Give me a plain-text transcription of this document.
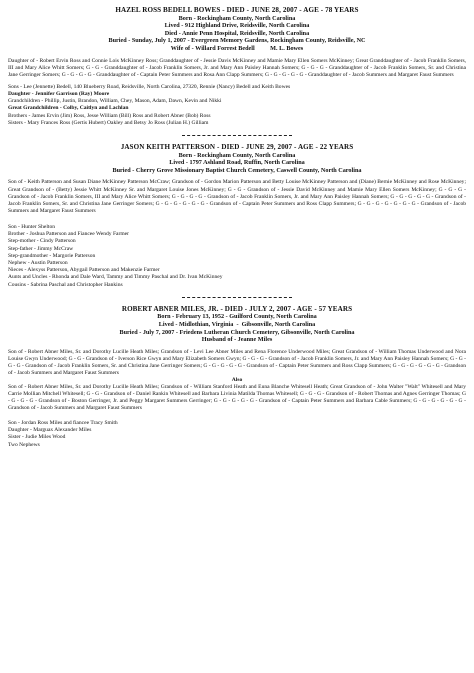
HAZEL ROSS BEDELL BOWES - DIED - JUNE 28, 2007 - AGE - 78 YEARS
Born - Rockingham County, North Carolina
Lived - 912 Highland Drive, Reidsville, North Carolina
Died - Annie Penn Hospital, Reidsville, North Carolina
Buried - Sunday, July 1, 2007 - Evergreen Memory Gardens, Rockingham County, Reidsville, NC
Wife of - Willard Forrest Bedell          M. L. Bowes

Daughter of - Robert Ervin Ross and Connie Lois McKinney Ross; Granddaughter of - Jessie Davis McKinney and Mamie Mary Ellen Somers McKinney; Great Granddaughter of - Jacob Franklin Somers, III and Mary Alice Whitt Somers; G - G - Granddaughter of - Jacob Franklin Somers, Jr. and Mary Ann Paisley Hannah Somers; G - G - G - Granddaughter of - Jacob Franklin Somers, Sr. and Christina Jane Gerringer Somers; G - G - G - G - Granddaughter of - Captain Peter Summers and Rosa Ann Clapp Summers; G - G - G - G - G - Granddaughter of - Jacob Summers and Margaret Faust Summers

Sons - Lee (Jennette) Bedell, 140 Blueberry Road, Reidsville, North Carolina, 27320, Rennie (Nancy) Bedell and Keith Bowes

Daughter - Jennifer Garrison (Ray) Moore

Grandchildren - Phillip, Justin, Brandon, William, Chey, Mason, Adam, Dawn, Kevin and Nikki

Great Grandchildren - Colby, Caitlyn and Lachlan

Brothers - James Ervin (Jim) Ross, Jesse William (Bill) Ross and Robert Abner (Bob) Ross

Sisters - Mary Frances Ross (Gertis Hubert) Oakley and Betsy Jo Ross (Julian H.) Gilliam

JASON KEITH PATTERSON - DIED - JUNE 29, 2007 - AGE - 22 YEARS
Born - Rockingham County, North Carolina
Lived - 1797 Ashland Road, Ruffin, North Carolina
Buried - Cherry Grove Missionary Baptist Church Cemetery, Caswell County, North Carolina

Son of - Keith Patterson and Susan Diane McKinney Patterson McCraw; Grandson of - Gordon Marion Patterson and Betty Louise McKinney Patterson and (Diane) Bernie McKinney and Rose McKinney; Great Grandson of - (Betty) Jessie Whitt McKinney Sr. and Margaret Louise Jones McKinney; G - G - Grandson of - Jessie David McKinney and Mamie Mary Ellen Somers McKinney; G - G - G - Grandson of - Jacob Franklin Somers, III and Mary Alice Whitt Somers; G - G - G - G - Grandson of - Jacob Franklin Somers, Jr. and Mary Ann Paisley Hannah Somers; G - G - G - G - G - Grandson of - Jacob Franklin Somers, Sr. and Christina Jane Gerringer Somers; G - G - G - G - G - G - Grandson of - Captain Peter Summers and Ross Clapp Summers; G - G - G - G - G - G - G - Grandson of - Jacob Summers and Margaret Faust Summers

Son - Hunter Shelton

Brother - Joshua Patterson and Fiancee Wendy Farmer

Step-mother - Cindy Patterson

Step-father - Jimmy McCraw

Step-grandmother - Margorie Patterson

Nephew - Austin Patterson

Nieces - Alexyss Patterson, Abygail Patterson and Makenzie Farmer

Aunts and Uncles - Rhonda and Dale Ward, Tammy and Timmy Paschal and Dr. Ivan McKinney

Cousins - Sabrina Paschal and Christopher Hankins

ROBERT ABNER MILES, JR. - DIED - JULY 2, 2007 - AGE - 57 YEARS
Born - February 13, 1952 - Guilford County, North Carolina
Lived - Midlothian, Virginia  -  Gibsonville, North Carolina
Buried - July 7, 2007 - Friedens Lutheran Church Cemetery, Gibsonville, North Carolina
Husband of - Jeanne Miles

Son of - Robert Abner Miles, Sr. and Dorothy Lucille Heath Miles; Grandson of - Levi Lee Abner Miles and Rena Florence Underwood Miles; Great Grandson of - William Thomas Underwood and Nora Louise Gwyn Underwood; G - G - Grandson of - Iverson Rice Gwyn and Mary Elizabeth Somers Gwyn; G - G - G - Grandson of - Jacob Franklin Somers, Jr. and Mary Ann Paisley Hannah Somers; G - G - G - G - Grandson of - Jacob Franklin Somers, Sr. and Christina Jane Gerringer Somers; G - G - G - G - G - Grandson of - Captain Peter Summers and Ross Clapp Summers; G - G - G - G - G - G - Grandson of - Jacob Summers and Margaret Faust Summers

Also

Son of - Robert Abner Miles, Sr. and Dorothy Lucille Heath Miles; Grandson of - William Stanford Heath and Euna Blanche Whitesell Heath; Great Grandson of - John Walter "Walt" Whitesell and Mary Carrie Mollian Mitchell Whitesell; G - G - Grandson of - Daniel Rankin Whitesell and Barbara Livinia Matilda Thomas Whitesell; G - G - G - Grandson of - Robert Thomas and Agnes Gerringer Thomas; G - G - G - G - Grandson of - Boston Gerringer, Jr. and Peggy Margaret Summers Gerringer; G - G - G - G - G - Grandson of - Captain Peter Summers and Barbara Cable Summers; G - G - G - G - G - G - Grandson of - Jacob Summers and Margaret Faust Summers

Son - Jordan Ross Miles and fiancee Tracy Smith

Daughter - Marguax Alexander Miles

Sister - Judie Miles Wood

Two Nephews
